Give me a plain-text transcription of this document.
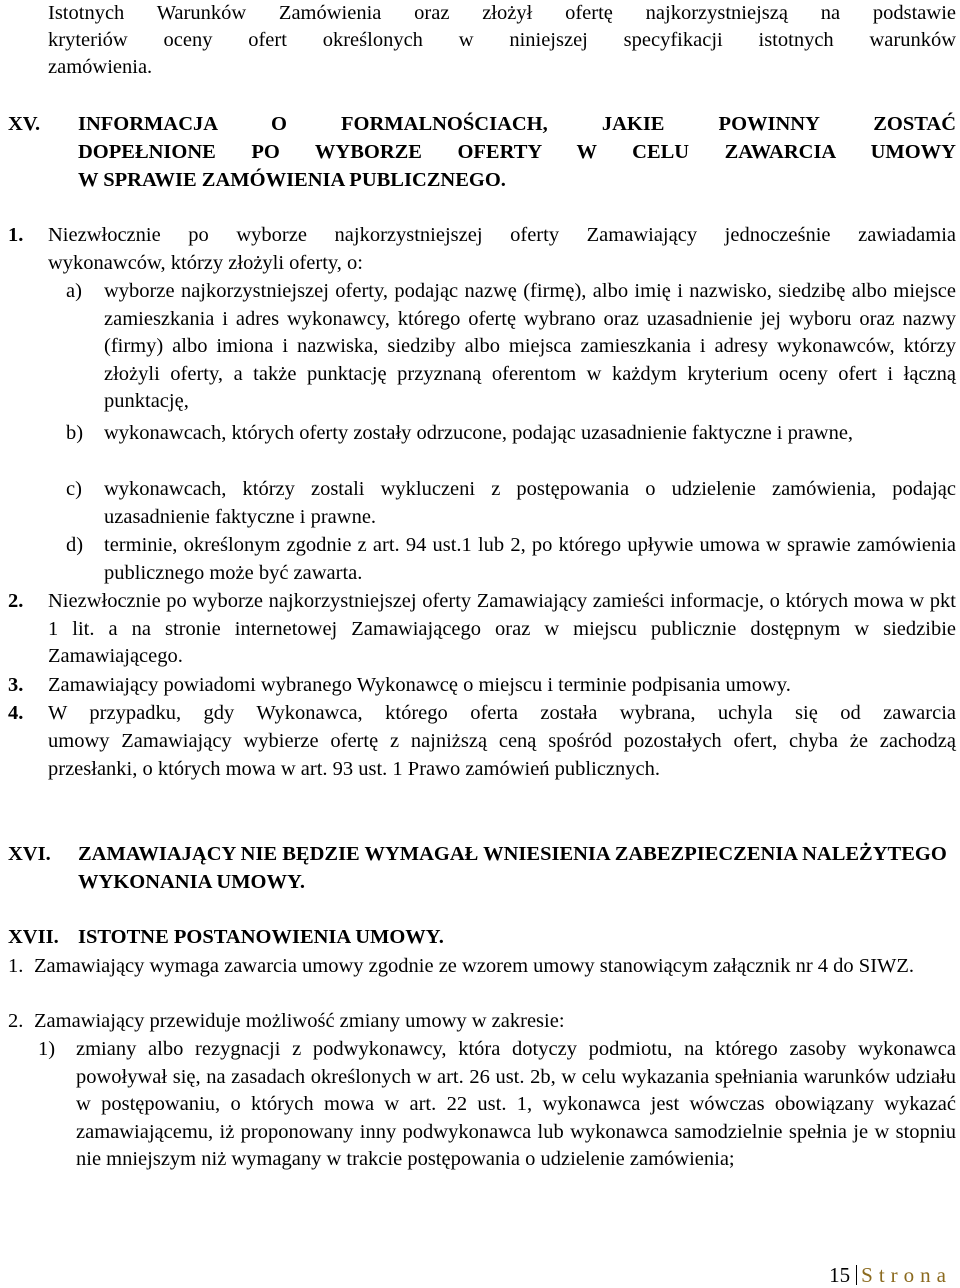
Istotnych Warunków Zamówienia oraz złożył ofertę najkorzystniejszą na podstawie
kryteriów oceny ofert określonych w niniejszej specyfikacji istotnych warunków
zamówienia.
XV. INFORMACJA O FORMALNOŚCIACH, JAKIE POWINNY ZOSTAĆ
DOPEŁNIONE PO WYBORZE OFERTY W CELU ZAWARCIA UMOWY
W SPRAWIE ZAMÓWIENIA PUBLICZNEGO.
1. Niezwłocznie po wyborze najkorzystniejszej oferty Zamawiający jednocześnie zawiadamia
wykonawców, którzy złożyli oferty, o:
a) wyborze najkorzystniejszej oferty, podając nazwę (firmę), albo imię i nazwisko, siedzibę albo miejsce zamieszkania i adres wykonawcy, którego ofertę wybrano oraz uzasadnienie jej wyboru oraz nazwy (firmy) albo imiona i nazwiska, siedziby albo miejsca zamieszkania i adresy wykonawców, którzy złożyli oferty, a także punktację przyznaną oferentom w każdym kryterium oceny ofert i łączną punktację,
b) wykonawcach, których oferty zostały odrzucone, podając uzasadnienie faktyczne i prawne,
c) wykonawcach, którzy zostali wykluczeni z postępowania o udzielenie zamówienia, podając uzasadnienie faktyczne i prawne.
d) terminie, określonym zgodnie z art. 94 ust.1 lub 2, po którego upływie umowa w sprawie zamówienia publicznego może być zawarta.
2. Niezwłocznie po wyborze najkorzystniejszej oferty Zamawiający zamieści informacje, o których mowa w pkt 1 lit. a na stronie internetowej Zamawiającego oraz w miejscu publicznie dostępnym w siedzibie Zamawiającego.
3. Zamawiający powiadomi wybranego Wykonawcę o miejscu i terminie podpisania umowy.
4. W przypadku, gdy Wykonawca, którego oferta została wybrana, uchyla się od zawarcia
umowy Zamawiający wybierze ofertę z najniższą ceną spośród pozostałych ofert, chyba że zachodzą przesłanki, o których mowa w art. 93 ust. 1 Prawo zamówień publicznych.
XVI. ZAMAWIAJĄCY NIE BĘDZIE WYMAGAŁ WNIESIENIA ZABEZPIECZENIA NALEŻYTEGO WYKONANIA UMOWY.
XVII. ISTOTNE POSTANOWIENIA UMOWY.
1. Zamawiający wymaga zawarcia umowy zgodnie ze wzorem umowy stanowiącym załącznik nr 4 do SIWZ.
2. Zamawiający przewiduje możliwość zmiany umowy w zakresie:
1) zmiany albo rezygnacji z podwykonawcy, która dotyczy podmiotu, na którego zasoby wykonawca powoływał się, na zasadach określonych w art. 26 ust. 2b, w celu wykazania spełniania warunków udziału w postępowaniu, o których mowa w art. 22 ust. 1, wykonawca jest wówczas obowiązany wykazać zamawiającemu, iż proponowany inny podwykonawca lub wykonawca samodzielnie spełnia je w stopniu nie mniejszym niż wymagany w trakcie postępowania o udzielenie zamówienia;
15 Strona
